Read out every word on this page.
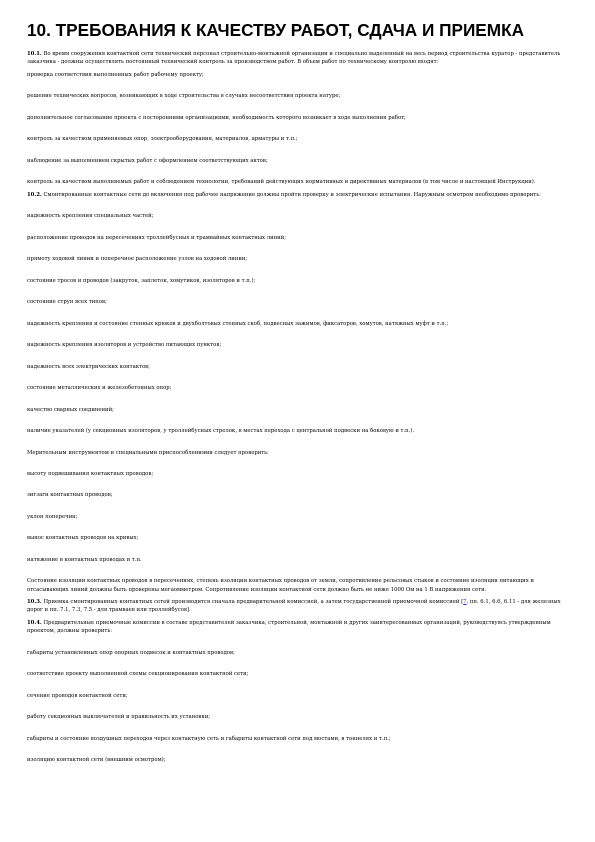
10. ТРЕБОВАНИЯ К КАЧЕСТВУ РАБОТ, СДАЧА И ПРИЕМКА

10.1. Во время сооружения контактной сети технический персонал строительно-монтажной организации и специально выделенный на весь период строительства куратор - представитель заказчика - должны осуществлять постоянный технический контроль за производством работ. В объем работ по техническому контролю входят:

проверка соответствия выполненных работ рабочему проекту;

решение технических вопросов, возникающих в ходе строительства в случаях несоответствия проекта натуре;

дополнительное согласование проекта с посторонними организациями, необходимость которого возникает в ходе выполнения работ;

контроль за качеством применяемых опор, электрооборудования, материалов, арматуры и т.п.;

наблюдение за выполнением скрытых работ с оформлением соответствующих актов;

контроль за качеством выполняемых работ и соблюдением технологии, требований действующих нормативных и директивных материалов (в том числе и настоящей Инструкции).

10.2. Смонтированные контактные сети до включения под рабочее напряжение должны пройти проверку и электрические испытания. Наружным осмотром необходимо проверить:

надежность крепления специальных частей;

расположение проводов на пересечениях троллейбусных и трамвайных контактных линий;

прямоту ходовой линии и поперечное расположение узлов на ходовой линии;

состояние тросов и проводов (закруток, заплеток, хомутиков, изоляторов и т.п.);

состояние струн всех типов;

надежность крепления и состояние стенных крюков и двухболтовых стенных скоб, подвесных зажимов, фиксаторов, хомутов, натяжных муфт и т.п.;

надежность крепления изоляторов и устройство питающих пунктов;

надежность всех электрических контактов;

состояние металлических и железобетонных опор;

качество сварных соединений;

наличие указателей (у секционных изоляторов, у троллейбусных стрелок, в местах перехода с центральной подвески на боковую и т.п.).

Мерительным инструментом и специальными приспособлениями следует проверить:

высоту подвешивания контактных проводов;

зигзаги контактных проводов;

уклон поперечин;

вынос контактных проводов на кривых;

натяжение в контактных проводах и т.п.

Состояние изоляции контактных проводов в пересечениях, степень изоляции контактных проводов от земли, сопротивление рельсовых стыков и состояние изоляции питающих и отсасывающих линий должны быть проверены мегаомметром. Сопротивление изоляции контактной сети должно быть не ниже 1000 Ом на 1 В напряжения сети.

10.3. Приемка смонтированных контактных сетей производится сначала предварительной комиссией, а затем государственной приемочной комиссией [7, пп. 6.1, 6.6, 6.11 - для железных дорог и пп. 7.1, 7.3, 7.5 - для трамваев или троллейбусов].

10.4. Предварительные приемочные комиссии в составе представителей заказчика, строительной, монтажной и других заинтересованных организаций, руководствуясь утвержденным проектом, должны проверить:

габариты установленных опор опорных подвесок и контактных проводов;

соответствие проекту выполненной схемы секционирования контактной сети;

сечение проводов контактной сети;

работу секционных выключателей и правильность их установки;

габариты и состояние воздушных переходов через контактную сеть и габариты контактной сети под мостами, в тоннелях и т.п.;

изоляцию контактной сети (внешним осмотром);
